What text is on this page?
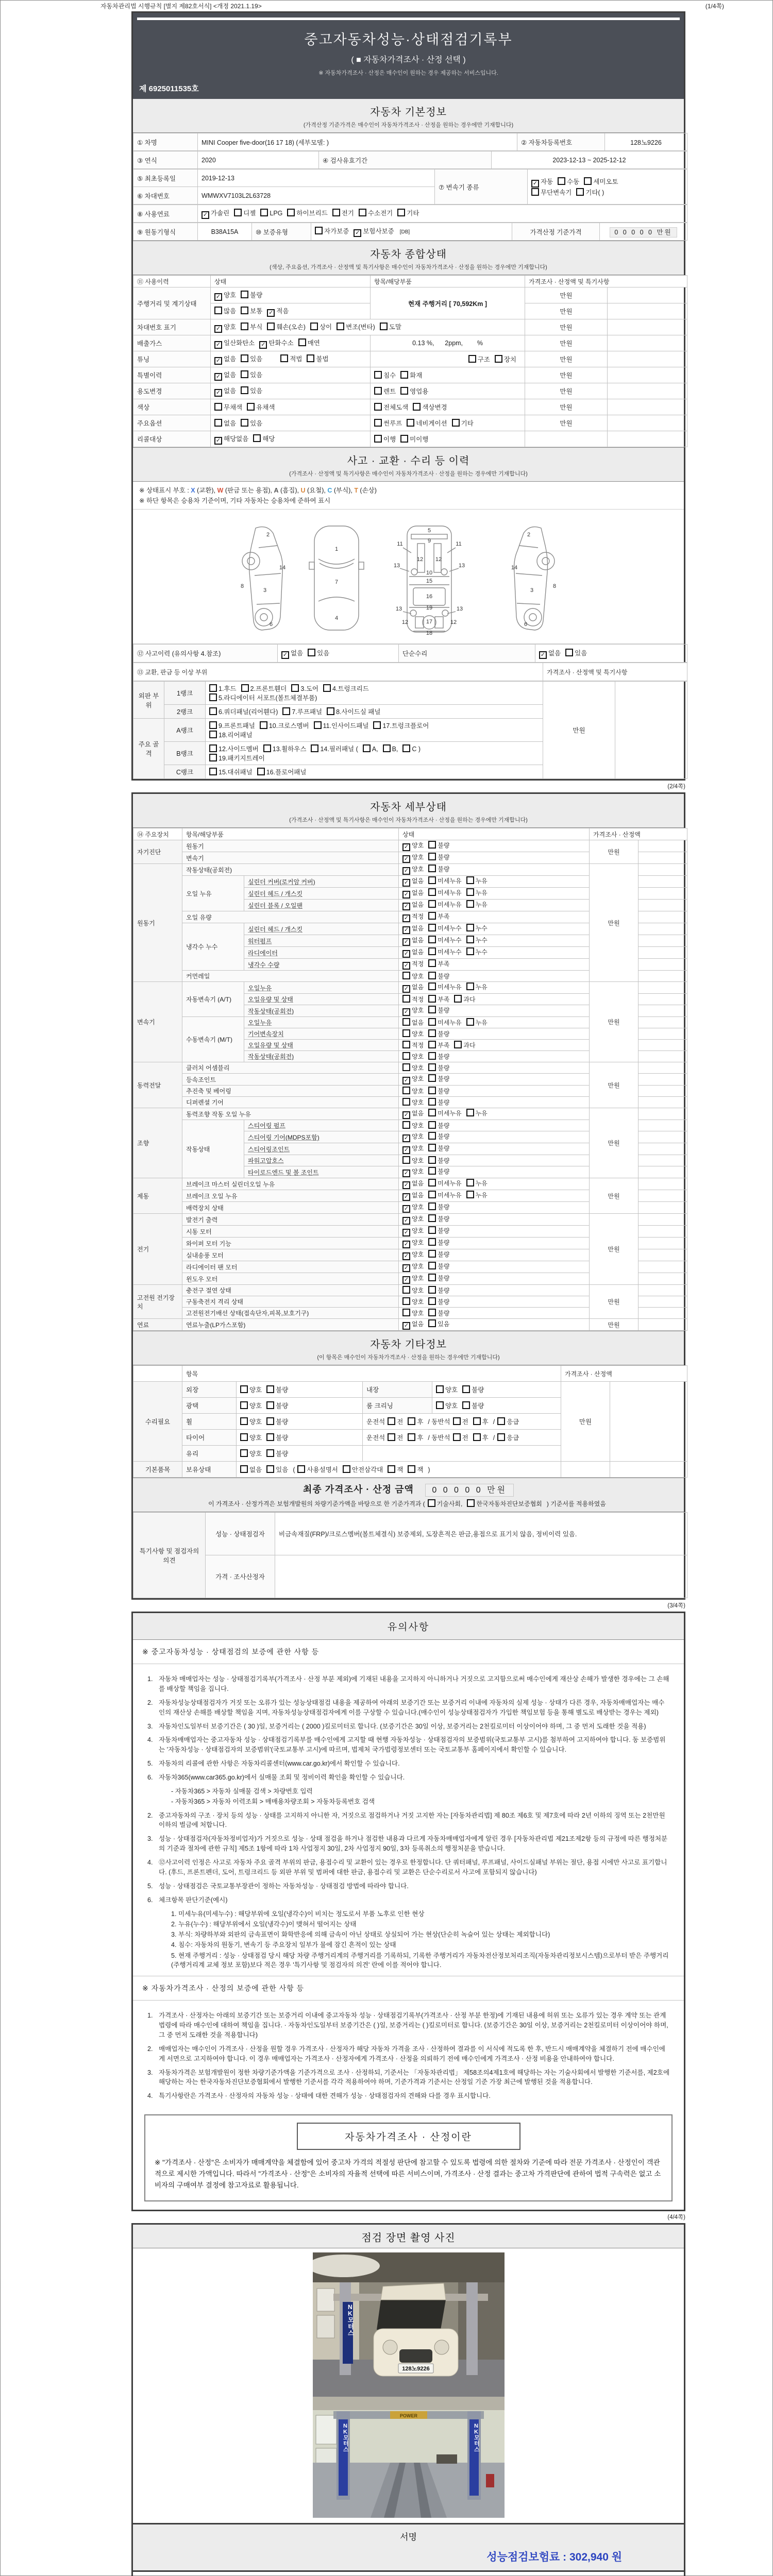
자동차관리법 시행규칙 [별지 제82호서식] <개정 2021.1.19>	(1/4쪽)
중고자동차성능·상태점검기록부
( ■ 자동차가격조사 · 산정 선택 )
※ 자동차가격조사 · 산정은 매수인이 원하는 경우 제공하는 서비스입니다.
제 6925011535호
자동차 기본정보
(가격산정 기준가격은 매수인이 자동차가격조사 · 산정을 원하는 경우에만 기재합니다)
① 차명	MINI Cooper five-door(16 17 18) (세부모델: )	② 자동차등록번호	128노9226
③ 연식	2020	④ 검사유효기간	2023-12-13 ~ 2025-12-12
⑤ 최초등록일	2019-12-13	⑦ 변속기 종류	✓ 자동 수동 세미오토
무단변속기 기타( )
⑥ 차대번호	WMWXV7103L2L63728		
⑧ 사용연료	✓ 가솔린 디젤 LPG 하이브리드 전기 수소전기 기타
⑨ 원동기형식	B38A15A	⑩ 보증유형	자가보증 ✓ 보험사보증 [DB]	가격산정 기준가격	0 0 0 0 0 만원
자동차 종합상태
(색상, 주요옵션, 가격조사 · 산정액 및 특기사항은 매수인이 자동차가격조사 · 산정을 원하는 경우에만 기재합니다)
⑪ 사용이력	상태	항목/해당부품	가격조사 · 산정액 및 특기사항	
주행거리 및 계기상태	✓ 양호 불량	현재 주행거리 [ 70,592Km ]	만원	
	많음 보통 ✓ 적음		만원	
차대번호 표기	✓ 양호 부식 훼손(오손) 상이 변조(변타) 도말		만원	
배출가스	✓ 일산화탄소 ✓ 탄화수소 매연	0.13 %,      2ppm,        %	만원	
튜닝	✓ 없음 있음 적법 불법	구조 장치	만원	
특별이력	✓ 없음 있음	침수 화재	만원	
용도변경	✓ 없음 있음	렌트 영업용	만원	
색상	무채색 유채색	전체도색 색상변경	만원	
주요옵션	없음 있음	썬루프 네비게이션 기타	만원	
리콜대상	✓ 해당없음 해당	이행 미이행		
사고 · 교환 · 수리 등 이력
(가격조사 · 산정액 및 특기사항은 매수인이 자동차가격조사 · 산정을 원하는 경우에만 기재합니다)
※ 상태표시 부호 : X (교환), W (판금 또는 용접), A (흠집), U (요철), C (부식), T (손상)
※ 하단 항목은 승용차 기준이며, 기타 자동차는 승용차에 준하여 표시
2
8
3
14
6
1
7
4
5
9
11	11
12 12
13	13
10
15
16
19
13	13
12	12
17
18
2
14
3
8
6
⑫ 사고이력 (유의사항 4.참조)	✓ 없음 있음	단순수리	✓ 없음 있음
⑬ 교환, 판금 등 이상 부위	가격조사 · 산정액 및 특기사항
외판 부위	1랭크	1.후드 2.프론트휀더 3.도어 4.트렁크리드
5.라디에이터 서포트(볼트체결부품)	만원	
	2랭크	6.쿼더패널(리어휀다) 7.루프패널 8.사이드실 패널		
주요 골격	A랭크	9.프론트패널 10.크로스멤버 11.인사이드패널 17.트렁크플로어
18.리어패널		
	B랭크	12.사이드멤버 13.휠하우스 14.필러패널 ( A, B, C )
19.패키지트레이		
	C랭크	15.대쉬패널 16.플로어패널		
(2/4쪽)
자동차 세부상태
(가격조사 · 산정액 및 특기사항은 매수인이 자동차가격조사 · 산정을 원하는 경우에만 기재합니다)
⑭ 주요장치	항목/해당부품		상태	가격조사 · 산정액	
자기진단	원동기		✓ 양호 불량	만원	
	변속기		✓ 양호 불량		
원동기	작동상태(공회전)		✓ 양호 불량	만원	
	오일 누유	실린더 커버(로커암 커버)	✓ 없음 미세누유 누유		
		실린더 헤드 / 개스킷	✓ 없음 미세누유 누유		
		실린더 블록 / 오일팬	✓ 없음 미세누유 누유		
	오일 유량		✓ 적정 부족		
	냉각수 누수	실린더 헤드 / 개스킷	✓ 없음 미세누수 누수		
		워터펌프	✓ 없음 미세누수 누수		
		라디에이터	✓ 없음 미세누수 누수		
		냉각수 수량	✓ 적정 부족		
	커먼레일		양호 불량		
변속기	자동변속기 (A/T)	오일누유	✓ 없음 미세누유 누유	만원	
		오일유량 및 상태	적정 부족 과다		
		작동상태(공회전)	✓ 양호 불량		
	수동변속기 (M/T)	오일누유	없음 미세누유 누유		
		기어변속장치	양호 불량		
		오일유량 및 상태	적정 부족 과다		
		작동상태(공회전)	양호 불량		
동력전달	클러치 어셈블리		양호 불량	만원	
	등속조인트		✓ 양호 불량		
	추진축 및 베어링		양호 불량		
	디퍼렌셜 기어		양호 불량		
조향	동력조향 작동 오일 누유		✓ 없음 미세누유 누유	만원	
	작동상태	스티어링 펌프	양호 불량		
		스티어링 기어(MDPS포함)	✓ 양호 불량		
		스티어링조인트	✓ 양호 불량		
		파워고압호스	양호 불량		
		타이로드엔드 및 볼 조인트	✓ 양호 불량		
제동	브레이크 마스터 실린더오일 누유		✓ 없음 미세누유 누유	만원	
	브레이크 오일 누유		✓ 없음 미세누유 누유		
	배력장치 상태		✓ 양호 불량		
전기	발전기 출력		✓ 양호 불량	만원	
	시동 모터		✓ 양호 불량		
	와이퍼 모터 기능		✓ 양호 불량		
	실내송풍 모터		✓ 양호 불량		
	라디에이터 팬 모터		✓ 양호 불량		
	윈도우 모터		✓ 양호 불량		
고전원 전기장치	충전구 절연 상태		양호 불량	만원	
	구동축전지 격리 상태		양호 불량		
	고전원전기배선 상태(접속단자,피복,보호기구)		양호 불량		
연료	연료누출(LP가스포함)		✓ 없음 있음	만원	
자동차 기타정보
(이 항목은 매수인이 자동차가격조사 · 산정을 원하는 경우에만 기재합니다)
	항목				가격조사 · 산정액	
수리필요	외장	양호 불량	내장	양호 불량	만원	
	광택	양호 불량	룸 크리닝	양호 불량		
	휠	양호 불량	운전석 전 후 / 동반석 전 후 / 응급			
	타이어	양호 불량	운전석 전 후 / 동반석 전 후 / 응급			
	유리	양호 불량				
기본품목	보유상태	없음 있음 ( 사용설명서 안전삼각대 잭 잭 )				
최종 가격조사 · 산정 금액 0 0 0 0 0 만원
이 가격조사 · 산정가격은 보험개발원의 차량기준가액을 바탕으로 한 기준가격과 ( 기술사회, 한국자동차진단보증협회 ) 기준서를 적용하였음
특기사항 및 점검자의 의견	성능 · 상태점검자	비금속재질(FRP)/크로스멤버(볼트체결식) 보증제외, 도장흔적은 판금,용접으로 표기치 않음, 정비이력 있음.
	가격 · 조사산정자	
(3/4쪽)
유의사항
※ 중고자동차성능 · 상태점검의 보증에 관한 사항 등
1. 자동차 매매업자는 성능 · 상태점검기록부(가격조사 · 산정 부분 제외)에 기재된 내용을 고지하지 아니하거나 거짓으로 고지함으로써 매수인에게 재산상 손해가 발생한 경우에는 그 손해를 배상할 책임을 집니다.
2. 자동차성능상태점검자가 거짓 또는 오류가 있는 성능상태점검 내용을 제공하여 아래의 보증기간 또는 보증거리 이내에 자동차의 실제 성능 · 상태가 다른 경우, 자동차매매업자는 매수인의 재산상 손해를 배상할 책임을 지며, 자동차성능상태점검자에게 이를 구상할 수 있습니다.(매수인이 성능상태점검자가 가입한 책임보험 등을 통해 별도로 배상받는 경우는 제외)
3. 자동차인도일부터 보증기간은 ( 30 )일, 보증거리는 ( 2000 )킬로미터로 합니다. (보증기간은 30일 이상, 보증거리는 2천킬로미터 이상이어야 하며, 그 중 먼저 도래한 것을 적용)
4. 자동차매매업자는 중고자동차 성능 · 상태점검기록부를 매수인에게 고지할 때 현행 자동차성능 · 상태점검자의 보증범위(국토교통부 고시)를 첨부하여 고지하여야 합니다. 동 보증범위는 '자동차성능 · 상태점검자의 보증범위'(국토교통부 고시)에 따르며, 법제처 국가법령정보센터 또는 국토교통부 홈페이지에서 확인할 수 있습니다.
5. 자동차의 리콜에 관한 사항은 자동차리콜센터(www.car.go.kr)에서 확인할 수 있습니다.
6. 자동차365(www.car365.go.kr)에서 실매물 조회 및 정비이력 확인을 확인할 수 있습니다.
- 자동차365 > 자동차 실매물 검색 > 차량번호 입력
- 자동차365 > 자동차 이력조회 > 매매용차량조회 > 자동차등록번호 검색
2. 중고자동차의 구조 · 장치 등의 성능 · 상태를 고지하지 아니한 자, 거짓으로 점검하거나 거짓 고지한 자는 [자동차관리법] 제 80조 제6호 및 제7호에 따라 2년 이하의 징역 또는 2천만원 이하의 벌금에 처합니다.
3. 성능 · 상태점검자(자동차정비업자)가 거짓으로 성능 · 상태 점검을 하거나 점검한 내용과 다르게 자동차매매업자에게 알린 경우 [자동차관리법 제21조제2항 등의 규정에 따른 행정처분의 기준과 절차에 관한 규칙] 제5조 1항에 따라 1차 사업정지 30일, 2차 사업정지 90일, 3차 등록취소의 행정처분을 받습니다.
4. ⑫사고이력 인정은 사고로 자동차 주요 골격 부위의 판금, 용접수리 및 교환이 있는 경우로 한정합니다. 단 쿼터패널, 루프패널, 사이드실패널 부위는 절단, 용접 시에만 사고로 표기합니다. (후드, 프론트펜더, 도어, 트렁크리드 등 외판 부위 및 범퍼에 대한 판금, 용접수리 및 교환은 단순수리로서 사고에 포함되지 않습니다)
5. 성능 · 상태점검은 국토교통부장관이 정하는 자동차성능 · 상태점검 방법에 따라야 합니다.
6. 체크항목 판단기준(예시)
1. 미세누유(미세누수) : 해당부위에 오일(냉각수)이 비치는 정도로서 부품 노후로 인한 현상
2. 누유(누수) : 해당부위에서 오일(냉각수)이 맺혀서 떨어지는 상태
3. 부식: 차량하부와 외판의 금속표면이 화학반응에 의해 금속이 아닌 상태로 상실되어 가는 현상(단순히 녹슬어 있는 상태는 제외합니다)
4. 침수: 자동차의 원동기, 변속기 등 주요장치 일부가 물에 잠긴 흔적이 있는 상태
5. 현재 주행거리 : 성능 · 상태점검 당시 해당 차량 주행거리계의 주행거리를 기록하되, 기록한 주행거리가 자동차전산정보처리조직(자동차관리정보시스템)으로부터 받은 주행거리(주행거리계 교체 정보 포함)보다 적은 경우 '특기사항 및 점검자의 의견' 란에 이를 적어야 합니다.
※ 자동차가격조사 · 산정의 보증에 관한 사항 등
1. 가격조사 · 산정자는 아래의 보증기간 또는 보증거리 이내에 중고자동차 성능 · 상태점검기록부(가격조사 · 산정 부분 한정)에 기재된 내용에 허위 또는 오류가 있는 경우 계약 또는 관계법령에 따라 매수인에 대하여 책임을 집니다. · 자동차인도일부터 보증기간은 ( )일, 보증거리는 ( )킬로미터로 합니다. (보증기간은 30일 이상, 보증거리는 2천킬로미터 이상이어야 하며, 그 중 먼저 도래한 것을 적용합니다)
2. 매매업자는 매수인이 가격조사 · 산정을 원할 경우 가격조사 · 산정자가 해당 자동차 가격을 조사 · 산정하여 결과를 이 서식에 적도록 한 후, 반드시 매매계약을 체결하기 전에 매수인에게 서면으로 고지하여야 합니다. 이 경우 매매업자는 가격조사 · 산정자에게 가격조사 · 산정을 의뢰하기 전에 매수인에게 가격조사 · 산정 비용을 안내하여야 합니다.
3. 자동차가격은 보험개발원이 정한 차량기준가액을 기준가격으로 조사 · 산정하되, 기준서는 「자동차관리법」 제58조의4제1호에 해당하는 자는 기술사회에서 발행한 기준서를, 제2호에 해당하는 자는 한국자동차진단보증협회에서 발행한 기준서를 각각 적용하여야 하며, 기준가격과 기준서는 산정일 기준 가장 최근에 발행된 것을 적용합니다.
4. 특기사항란은 가격조사 · 산정자의 자동차 성능 · 상태에 대한 견해가 성능 · 상태점검자의 견해와 다를 경우 표시합니다.
자동차가격조사 · 산정이란
※ "가격조사 · 산정"은 소비자가 매매계약을 체결함에 있어 중고차 가격의 적절성 판단에 참고할 수 있도록 법령에 의한 절차와 기준에 따라 전문 가격조사 · 산정인이 객관적으로 제시한 가액입니다. 따라서 "가격조사 · 산정"은 소비자의 자율적 선택에 따른 서비스이며, 가격조사 · 산정 결과는 중고차 가격판단에 관하여 법적 구속력은 없고 소비자의 구매여부 결정에 참고자료로 활용됩니다.
(4/4쪽)
점검 장면 촬영 사진
N K 모 터 스
128노9226
POWER
N K 모 터 스
N K 모 터 스
서명
성능점검보험료 : 302,940 원
